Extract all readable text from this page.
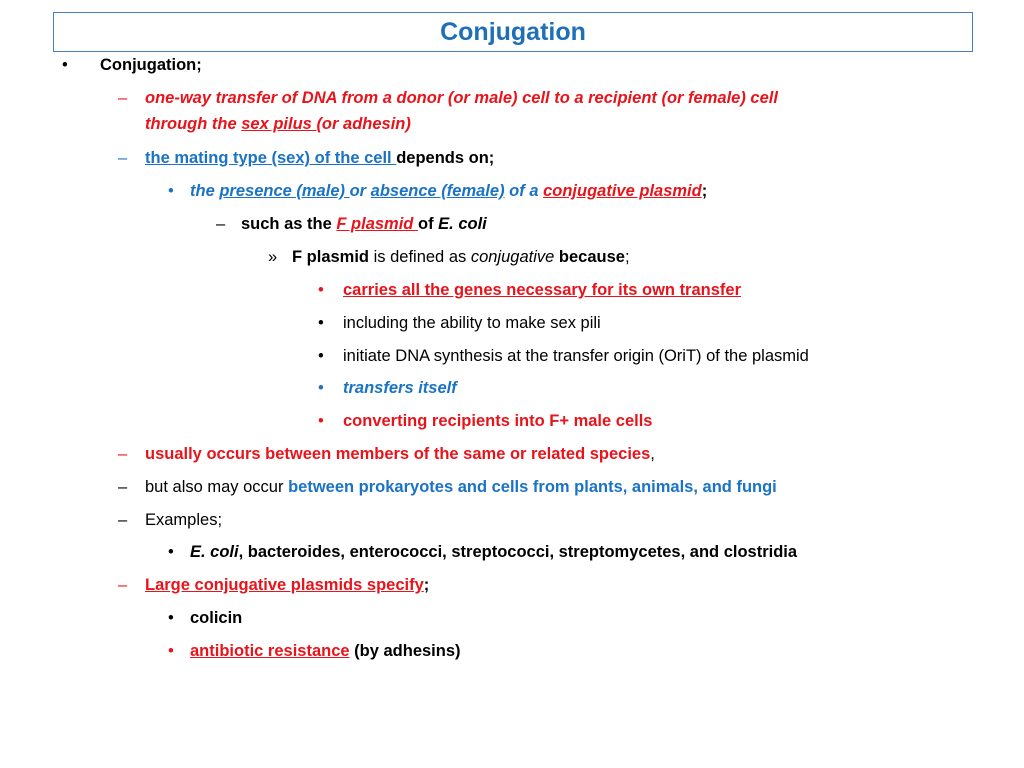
Conjugation
• Conjugation;
– one-way transfer of DNA from a donor (or male) cell to a recipient (or female) cell
through the sex pilus (or adhesin)
– the mating type (sex) of the cell depends on;
• the presence (male) or absence (female) of a conjugative plasmid;
– such as the F plasmid of E. coli
» F plasmid is defined as conjugative because;
• carries all the genes necessary for its own transfer
• including the ability to make sex pili
• initiate DNA synthesis at the transfer origin (OriT) of the plasmid
• transfers itself
• converting recipients into F+ male cells
– usually occurs between members of the same or related species,
– but also may occur between prokaryotes and cells from plants, animals, and fungi
– Examples;
• E. coli, bacteroides, enterococci, streptococci, streptomycetes, and clostridia
– Large conjugative plasmids specify;
• colicin
• antibiotic resistance (by adhesins)
